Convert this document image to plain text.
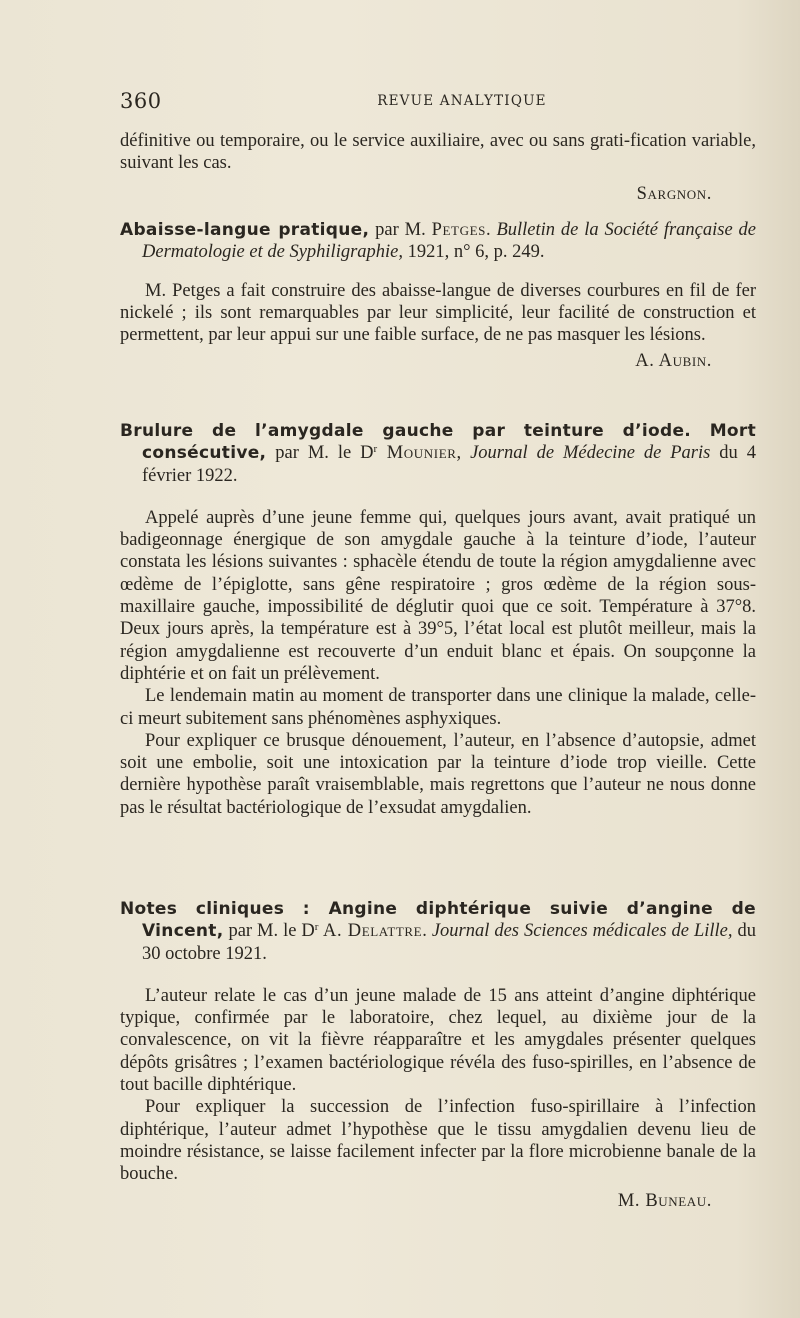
360	REVUE ANALYTIQUE

définitive ou temporaire, ou le service auxiliaire, avec ou sans grati-fication variable, suivant les cas.

Sargnon.

Abaisse-langue pratique, par M. Petges. Bulletin de la Société française de Dermatologie et de Syphiligraphie, 1921, n° 6, p. 249.

M. Petges a fait construire des abaisse-langue de diverses courbures en fil de fer nickelé ; ils sont remarquables par leur simplicité, leur facilité de construction et permettent, par leur appui sur une faible surface, de ne pas masquer les lésions.

A. Aubin.

Brulure de l’amygdale gauche par teinture d’iode. Mort consécutive, par M. le $D^r$ Mounier, Journal de Médecine de Paris du 4 février 1922.

Appelé auprès d’une jeune femme qui, quelques jours avant, avait pratiqué un badigeonnage énergique de son amygdale gauche à la teinture d’iode, l’auteur constata les lésions suivantes : sphacèle étendu de toute la région amygdalienne avec œdème de l’épiglotte, sans gêne respiratoire ; gros œdème de la région sous-maxillaire gauche, impossibilité de déglutir quoi que ce soit. Température à 37°8. Deux jours après, la température est à 39°5, l’état local est plutôt meilleur, mais la région amygdalienne est recouverte d’un enduit blanc et épais. On soupçonne la diphtérie et on fait un prélèvement.

Le lendemain matin au moment de transporter dans une clinique la malade, celle-ci meurt subitement sans phénomènes asphyxiques.

Pour expliquer ce brusque dénouement, l’auteur, en l’absence d’autopsie, admet soit une embolie, soit une intoxication par la teinture d’iode trop vieille. Cette dernière hypothèse paraît vraisemblable, mais regrettons que l’auteur ne nous donne pas le résultat bactériologique de l’exsudat amygdalien.

Notes cliniques : Angine diphtérique suivie d’angine de Vincent, par M. le $D^r$ A. Delattre. Journal des Sciences médicales de Lille, du 30 octobre 1921.

L’auteur relate le cas d’un jeune malade de 15 ans atteint d’angine diphtérique typique, confirmée par le laboratoire, chez lequel, au dixième jour de la convalescence, on vit la fièvre réapparaître et les amygdales présenter quelques dépôts grisâtres ; l’examen bactériologique révéla des fuso-spirilles, en l’absence de tout bacille diphtérique.

Pour expliquer la succession de l’infection fuso-spirillaire à l’infection diphtérique, l’auteur admet l’hypothèse que le tissu amygdalien devenu lieu de moindre résistance, se laisse facilement infecter par la flore microbienne banale de la bouche.

M. Buneau.
